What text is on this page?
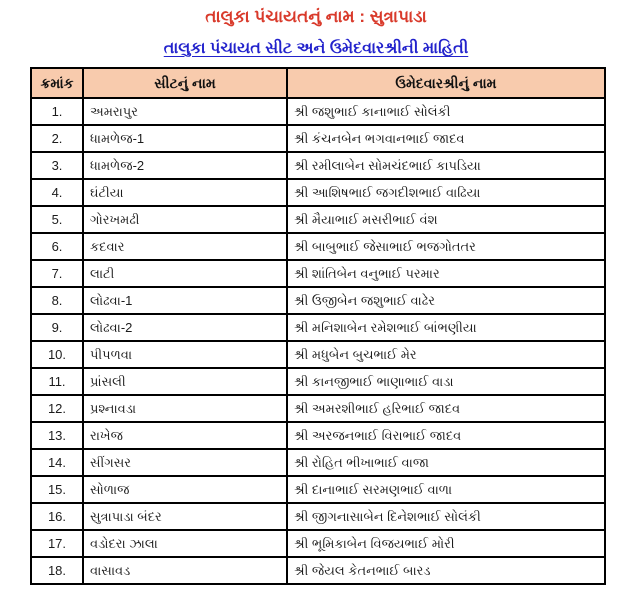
તાલુકા પંચાયતનું નામ : સુત્રાપાડા
તાલુકા પંચાયત સીટ અને ઉમેદવારશ્રીની માહિતી
ક્રમાંક	સીટનું નામ	ઉમેદવારશ્રીનું નામ
1.	અમરાપુર	શ્રી જશુભાઈ કાનાભાઈ સોલંકી
2.	ધામળેજ-1	શ્રી કંચનબેન ભગવાનભાઈ જાદવ
3.	ધામળેજ-2	શ્રી રમીલાબેન સોમચંદભાઈ કાપડિયા
4.	ઘંટીયા	શ્રી આશિષભાઈ જગદીશભાઈ વાઢિયા
5.	ગોરખમઢી	શ્રી મૈયાભાઈ મસરીભાઈ વંશ
6.	કદવાર	શ્રી બાબુભાઈ જેસાભાઈ ભજગોતતર
7.	લાટી	શ્રી શાંતિબેન વનુભાઈ પરમાર
8.	લોઢવા-1	શ્રી ઉજીબેન જશુભાઈ વાઢેર
9.	લોઢવા-2	શ્રી મનિશાબેન રમેશભાઈ બાંભણીયા
10.	પીપળવા	શ્રી મધુબેન બુચભાઈ મેર
11.	પ્રાંસલી	શ્રી કાનજીભાઈ ભાણાભાઈ વાડા
12.	પ્રશ્નાવડા	શ્રી અમરશીભાઈ હરિભાઈ જાદવ
13.	રાખેજ	શ્રી અરજનભાઈ વિરાભાઈ જાદવ
14.	સીંગસર	શ્રી રોહિત ભીખાભાઈ વાજા
15.	સોળાજ	શ્રી દાનાભાઈ સરમણભાઈ વાળા
16.	સુત્રાપાડા બંદર	શ્રી જીગનાસાબેન દિનેશભાઈ સોલંકી
17.	વડોદરા ઝાલા	શ્રી ભૂમિકાબેન વિજયભાઈ મોરી
18.	વાસાવડ	શ્રી જેયલ કેતનભાઈ બારડ
